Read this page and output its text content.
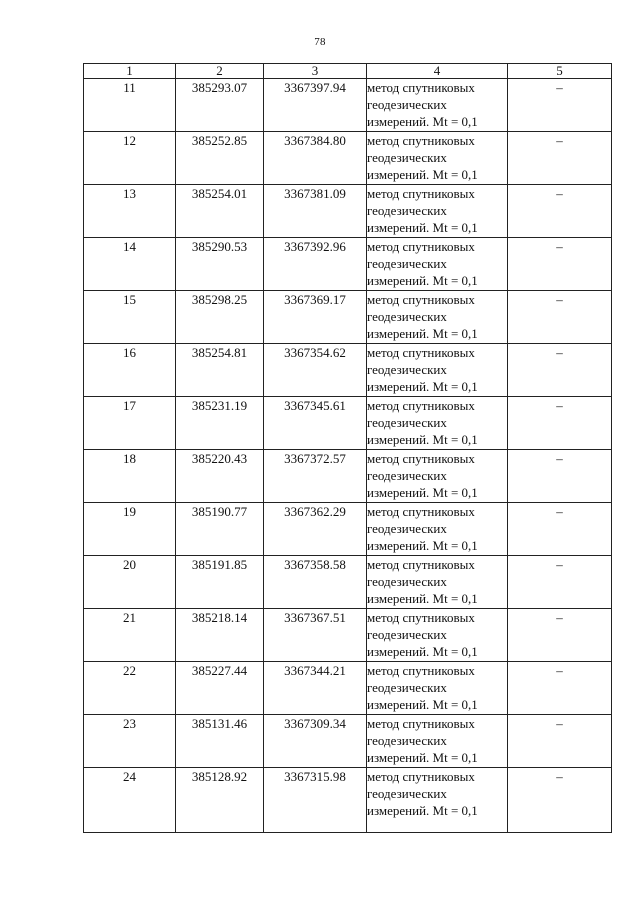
78
1	2	3	4	5
11	385293.07	3367397.94	метод спутниковых
геодезических
измерений. Mt = 0,1	–
12	385252.85	3367384.80	метод спутниковых
геодезических
измерений. Mt = 0,1	–
13	385254.01	3367381.09	метод спутниковых
геодезических
измерений. Mt = 0,1	–
14	385290.53	3367392.96	метод спутниковых
геодезических
измерений. Mt = 0,1	–
15	385298.25	3367369.17	метод спутниковых
геодезических
измерений. Mt = 0,1	–
16	385254.81	3367354.62	метод спутниковых
геодезических
измерений. Mt = 0,1	–
17	385231.19	3367345.61	метод спутниковых
геодезических
измерений. Mt = 0,1	–
18	385220.43	3367372.57	метод спутниковых
геодезических
измерений. Mt = 0,1	–
19	385190.77	3367362.29	метод спутниковых
геодезических
измерений. Mt = 0,1	–
20	385191.85	3367358.58	метод спутниковых
геодезических
измерений. Mt = 0,1	–
21	385218.14	3367367.51	метод спутниковых
геодезических
измерений. Mt = 0,1	–
22	385227.44	3367344.21	метод спутниковых
геодезических
измерений. Mt = 0,1	–
23	385131.46	3367309.34	метод спутниковых
геодезических
измерений. Mt = 0,1	–
24	385128.92	3367315.98	метод спутниковых
геодезических
измерений. Mt = 0,1	–
